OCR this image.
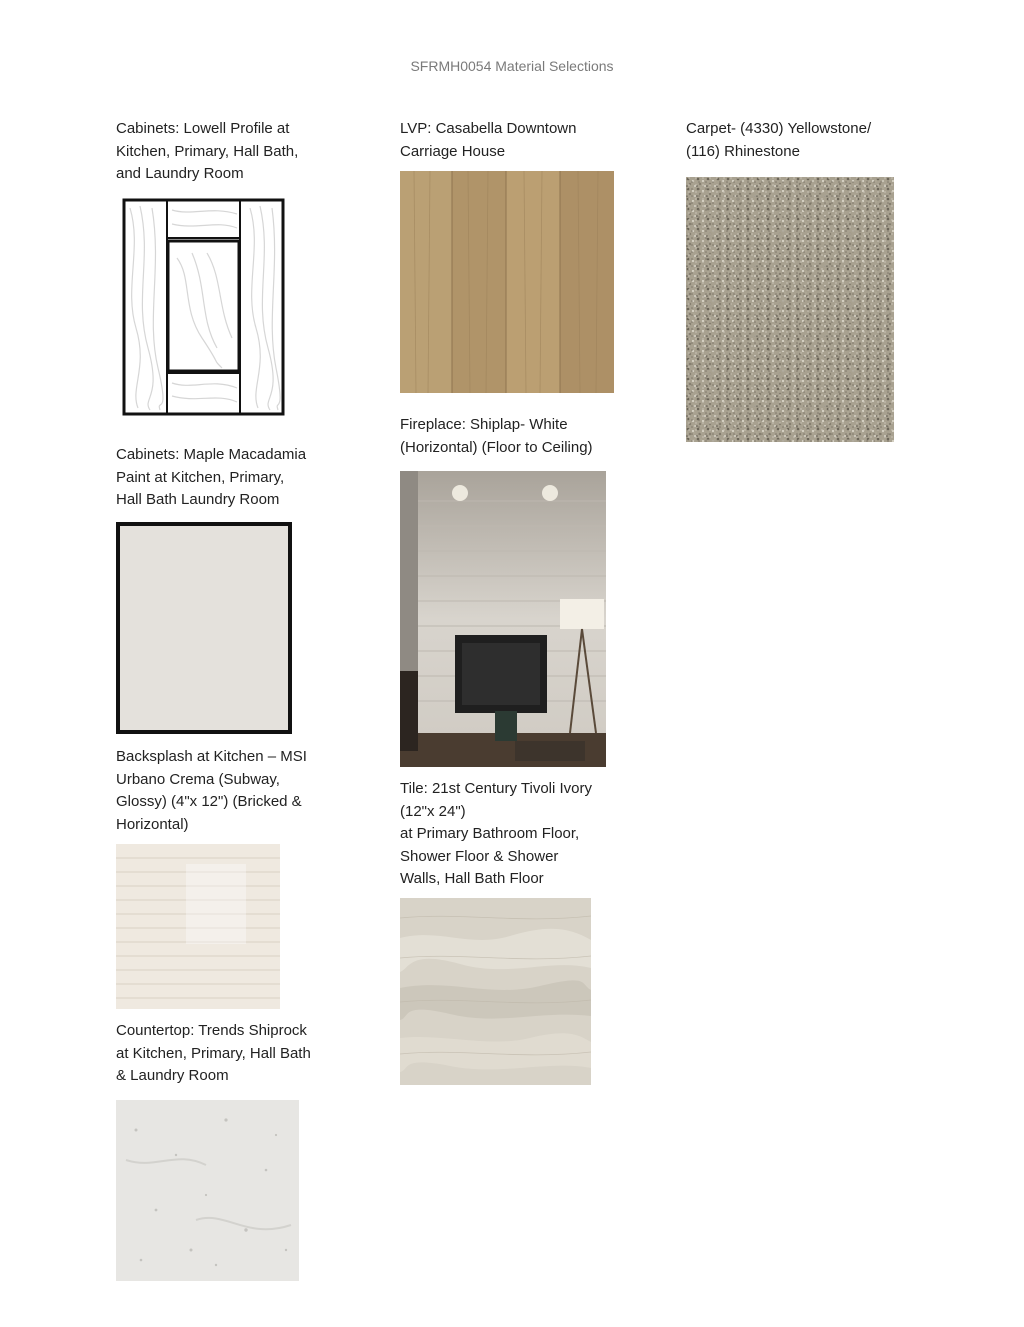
SFRMH0054 Material Selections
Cabinets: Lowell Profile at
Kitchen, Primary, Hall Bath,
and Laundry Room
Cabinets: Maple Macadamia
Paint at Kitchen, Primary,
Hall Bath Laundry Room
Backsplash at Kitchen – MSI
Urbano Crema (Subway,
Glossy) (4"x 12") (Bricked &
Horizontal)
Countertop: Trends Shiprock
at Kitchen, Primary, Hall Bath
& Laundry Room
LVP: Casabella Downtown
Carriage House
Fireplace: Shiplap- White
(Horizontal) (Floor to Ceiling)
Tile: 21st Century Tivoli Ivory
(12"x 24")
at Primary Bathroom Floor,
Shower Floor & Shower
Walls, Hall Bath Floor
Carpet- (4330) Yellowstone/
(116) Rhinestone
